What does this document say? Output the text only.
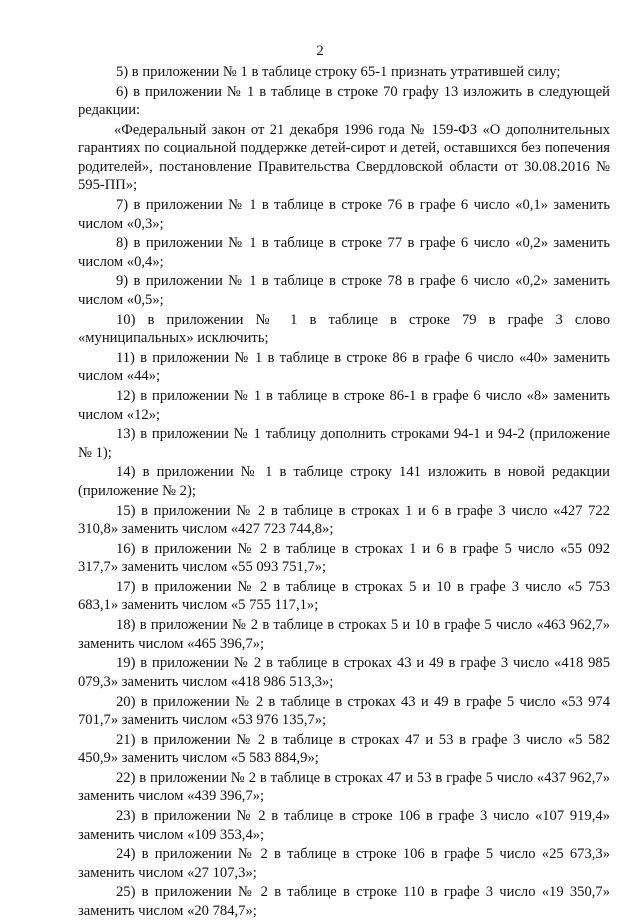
2

5) в приложении № 1 в таблице строку 65-1 признать утратившей силу;

6) в приложении № 1 в таблице в строке 70 графу 13 изложить в следующей редакции:

«Федеральный закон от 21 декабря 1996 года № 159-ФЗ «О дополнительных гарантиях по социальной поддержке детей-сирот и детей, оставшихся без попечения родителей», постановление Правительства Свердловской области от 30.08.2016 № 595-ПП»;

7) в приложении № 1 в таблице в строке 76 в графе 6 число «0,1» заменить числом «0,3»;

8) в приложении № 1 в таблице в строке 77 в графе 6 число «0,2» заменить числом «0,4»;

9) в приложении № 1 в таблице в строке 78 в графе 6 число «0,2» заменить числом «0,5»;

10) в приложении № 1 в таблице в строке 79 в графе 3 слово «муниципальных» исключить;

11) в приложении № 1 в таблице в строке 86 в графе 6 число «40» заменить числом «44»;

12) в приложении № 1 в таблице в строке 86-1 в графе 6 число «8» заменить числом «12»;

13) в приложении № 1 таблицу дополнить строками 94-1 и 94-2 (приложение № 1);

14) в приложении № 1 в таблице строку 141 изложить в новой редакции (приложение № 2);

15) в приложении № 2 в таблице в строках 1 и 6 в графе 3 число «427 722 310,8» заменить числом «427 723 744,8»;

16) в приложении № 2 в таблице в строках 1 и 6 в графе 5 число «55 092 317,7» заменить числом «55 093 751,7»;

17) в приложении № 2 в таблице в строках 5 и 10 в графе 3 число «5 753 683,1» заменить числом «5 755 117,1»;

18) в приложении № 2 в таблице в строках 5 и 10 в графе 5 число «463 962,7» заменить числом «465 396,7»;

19) в приложении № 2 в таблице в строках 43 и 49 в графе 3 число «418 985 079,3» заменить числом «418 986 513,3»;

20) в приложении № 2 в таблице в строках 43 и 49 в графе 5 число «53 974 701,7» заменить числом «53 976 135,7»;

21) в приложении № 2 в таблице в строках 47 и 53 в графе 3 число «5 582 450,9» заменить числом «5 583 884,9»;

22) в приложении № 2 в таблице в строках 47 и 53 в графе 5 число «437 962,7» заменить числом «439 396,7»;

23) в приложении № 2 в таблице в строке 106 в графе 3 число «107 919,4» заменить числом «109 353,4»;

24) в приложении № 2 в таблице в строке 106 в графе 5 число «25 673,3» заменить числом «27 107,3»;

25) в приложении № 2 в таблице в строке 110 в графе 3 число «19 350,7» заменить числом «20 784,7»;
